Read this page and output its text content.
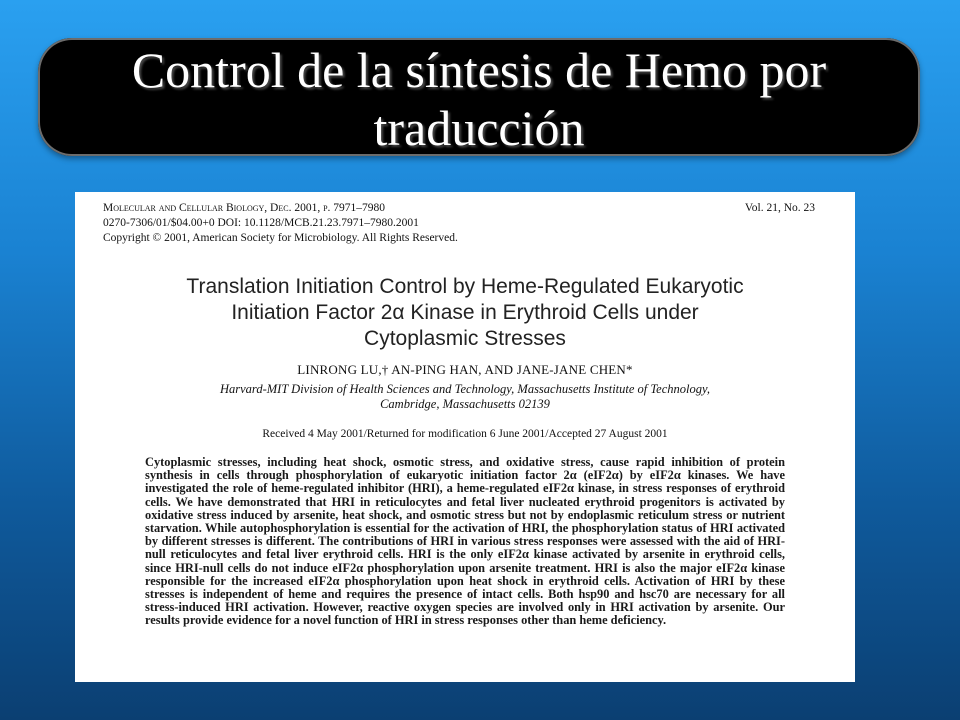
Control de la síntesis de Hemo por traducción
Molecular and Cellular Biology, Dec. 2001, p. 7971–7980
0270-7306/01/$04.00+0 DOI: 10.1128/MCB.21.23.7971–7980.2001
Copyright © 2001, American Society for Microbiology. All Rights Reserved.
Vol. 21, No. 23
Translation Initiation Control by Heme-Regulated Eukaryotic
Initiation Factor 2α Kinase in Erythroid Cells under
Cytoplasmic Stresses
LINRONG LU,† AN-PING HAN, AND JANE-JANE CHEN*
Harvard-MIT Division of Health Sciences and Technology, Massachusetts Institute of Technology,
Cambridge, Massachusetts 02139
Received 4 May 2001/Returned for modification 6 June 2001/Accepted 27 August 2001
Cytoplasmic stresses, including heat shock, osmotic stress, and oxidative stress, cause rapid inhibition of protein synthesis in cells through phosphorylation of eukaryotic initiation factor 2α (eIF2α) by eIF2α kinases. We have investigated the role of heme-regulated inhibitor (HRI), a heme-regulated eIF2α kinase, in stress responses of erythroid cells. We have demonstrated that HRI in reticulocytes and fetal liver nucleated erythroid progenitors is activated by oxidative stress induced by arsenite, heat shock, and osmotic stress but not by endoplasmic reticulum stress or nutrient starvation. While autophosphorylation is essential for the activation of HRI, the phosphorylation status of HRI activated by different stresses is different. The contributions of HRI in various stress responses were assessed with the aid of HRI-null reticulocytes and fetal liver erythroid cells. HRI is the only eIF2α kinase activated by arsenite in erythroid cells, since HRI-null cells do not induce eIF2α phosphorylation upon arsenite treatment. HRI is also the major eIF2α kinase responsible for the increased eIF2α phosphorylation upon heat shock in erythroid cells. Activation of HRI by these stresses is independent of heme and requires the presence of intact cells. Both hsp90 and hsc70 are necessary for all stress-induced HRI activation. However, reactive oxygen species are involved only in HRI activation by arsenite. Our results provide evidence for a novel function of HRI in stress responses other than heme deficiency.
